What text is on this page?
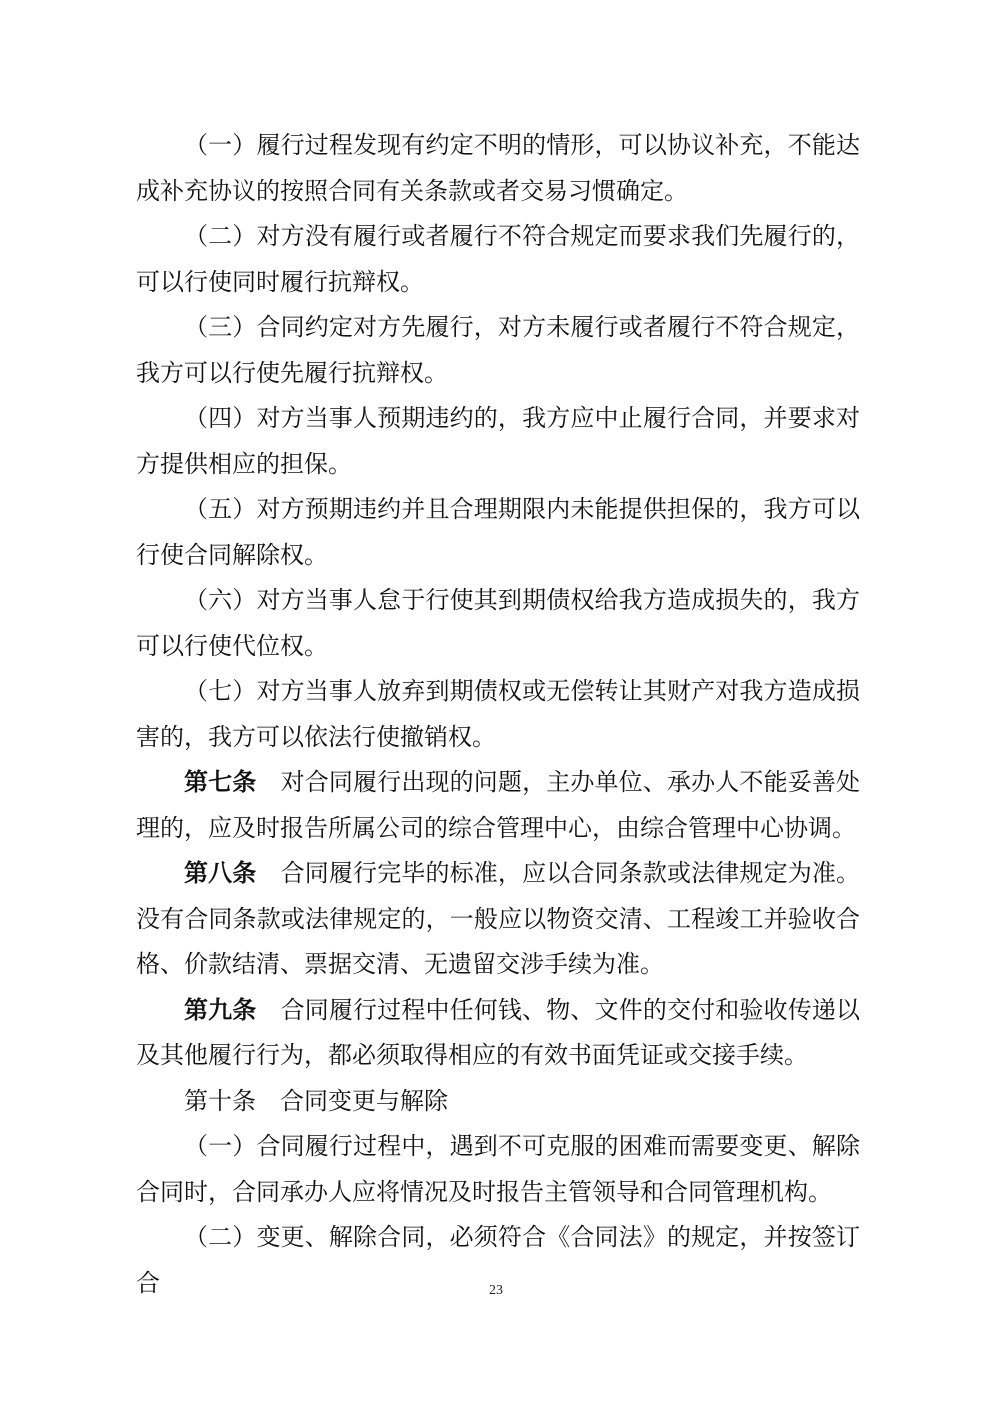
（一）履行过程发现有约定不明的情形，可以协议补充，不能达成补充协议的按照合同有关条款或者交易习惯确定。

（二）对方没有履行或者履行不符合规定而要求我们先履行的，可以行使同时履行抗辩权。

（三）合同约定对方先履行，对方未履行或者履行不符合规定，我方可以行使先履行抗辩权。

（四）对方当事人预期违约的，我方应中止履行合同，并要求对方提供相应的担保。

（五）对方预期违约并且合理期限内未能提供担保的，我方可以行使合同解除权。

（六）对方当事人怠于行使其到期债权给我方造成损失的，我方可以行使代位权。

（七）对方当事人放弃到期债权或无偿转让其财产对我方造成损害的，我方可以依法行使撤销权。

第七条 对合同履行出现的问题，主办单位、承办人不能妥善处理的，应及时报告所属公司的综合管理中心，由综合管理中心协调。

第八条 合同履行完毕的标准，应以合同条款或法律规定为准。没有合同条款或法律规定的，一般应以物资交清、工程竣工并验收合格、价款结清、票据交清、无遗留交涉手续为准。

第九条 合同履行过程中任何钱、物、文件的交付和验收传递以及其他履行行为，都必须取得相应的有效书面凭证或交接手续。

第十条 合同变更与解除

（一）合同履行过程中，遇到不可克服的困难而需要变更、解除合同时，合同承办人应将情况及时报告主管领导和合同管理机构。

（二）变更、解除合同，必须符合《合同法》的规定，并按签订合	23
